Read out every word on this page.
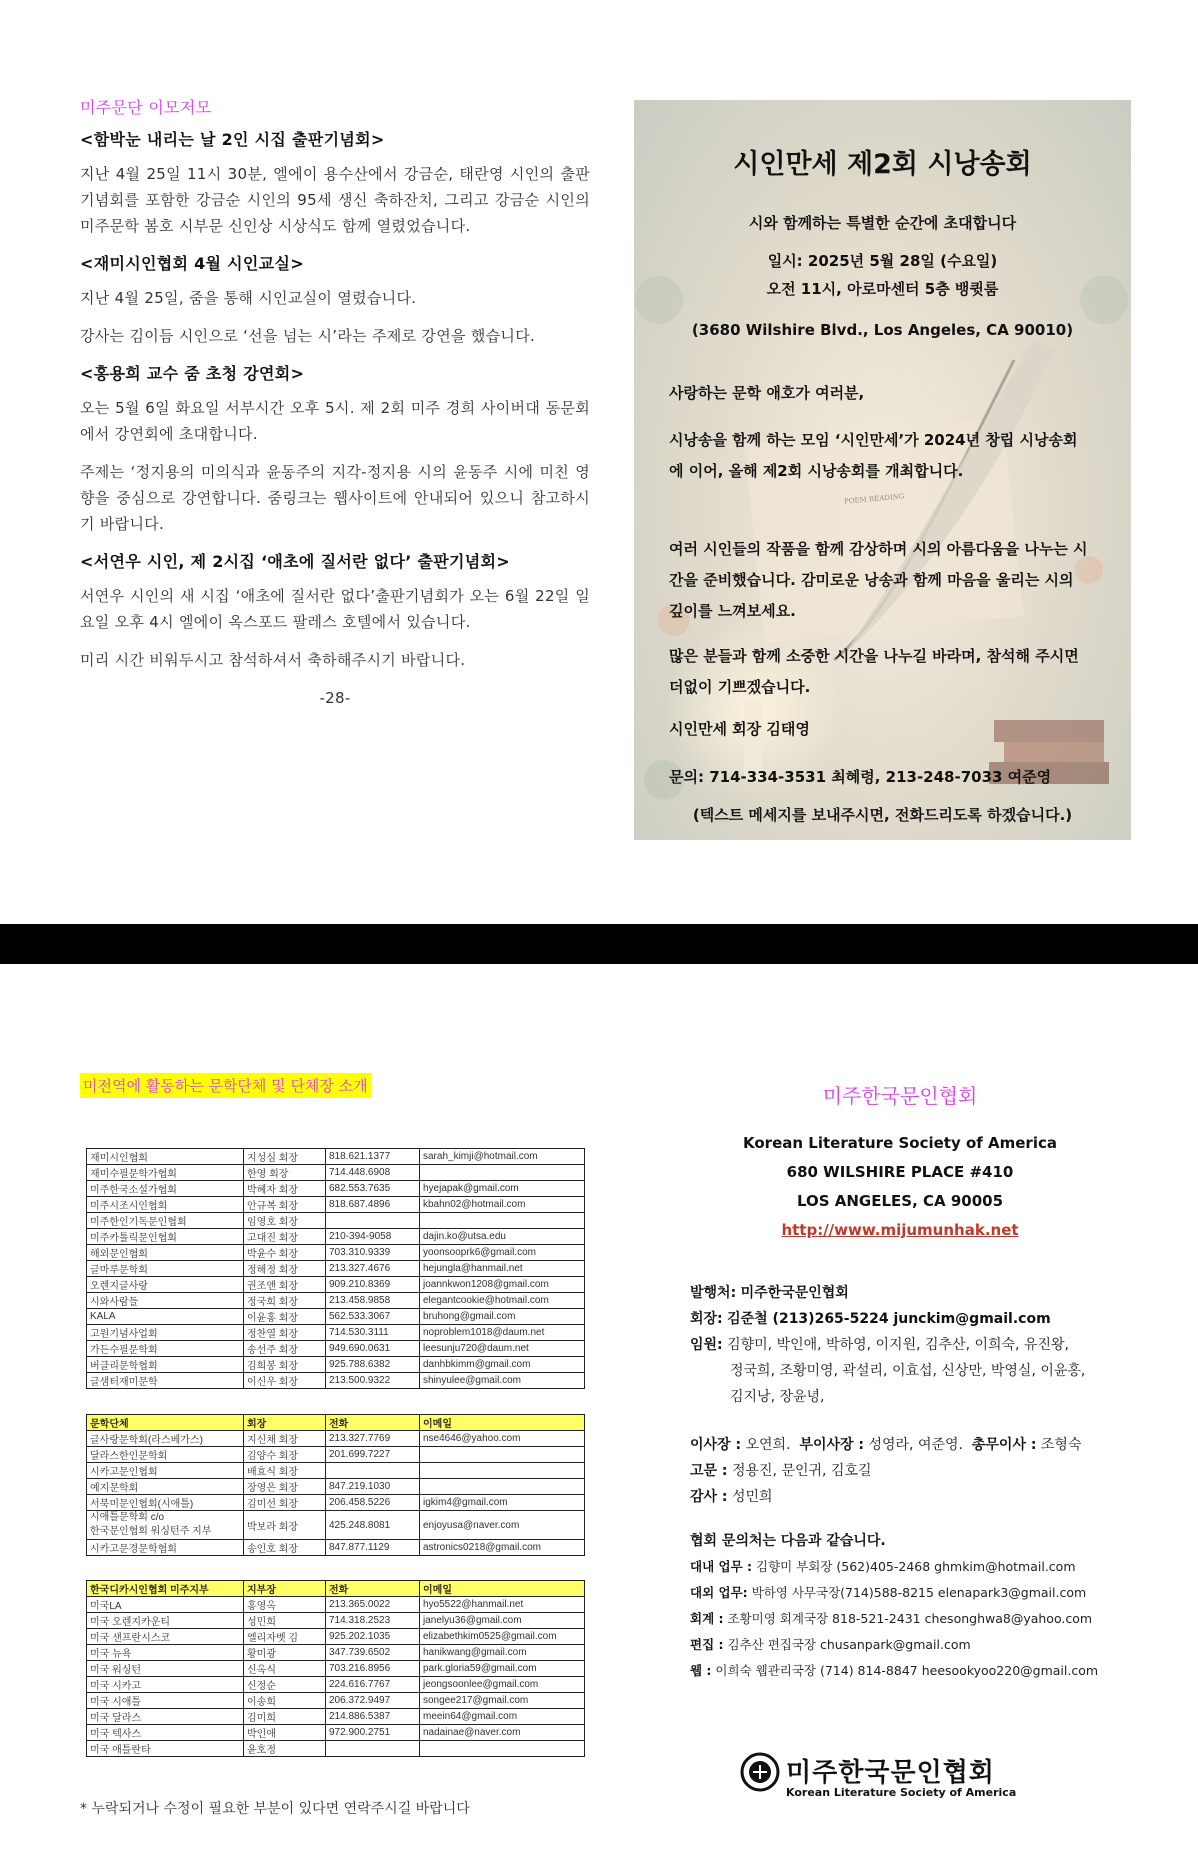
미주문단 이모저모
<함박눈 내리는 날 2인 시집 출판기념회>
지난 4월 25일 11시 30분, 엘에이 용수산에서 강금순, 태란영 시인의 출판기념회를 포함한 강금순 시인의 95세 생신 축하잔치, 그리고 강금순 시인의 미주문학 봄호 시부문 신인상 시상식도 함께 열렸었습니다.
<재미시인협회 4월 시인교실>
지난 4월 25일, 줌을 통해 시인교실이 열렸습니다.
강사는 김이듬 시인으로 ‘선을 넘는 시’라는 주제로 강연을 했습니다.
<홍용희 교수 줌 초청 강연회>
오는 5월 6일 화요일 서부시간 오후 5시. 제 2회 미주 경희 사이버대 동문회에서 강연회에 초대합니다.
주제는 ‘정지용의 미의식과 윤동주의 지각-정지용 시의 윤동주 시에 미친 영향을 중심으로 강연합니다. 줌링크는 웹사이트에 안내되어 있으니 참고하시기 바랍니다.
<서연우 시인, 제 2시집 ‘애초에 질서란 없다’ 출판기념회>
서연우 시인의 새 시집 ‘애초에 질서란 없다’출판기념회가 오는 6월 22일 일요일 오후 4시 엘에이 옥스포드 팔레스 호텔에서 있습니다.
미리 시간 비워두시고 참석하셔서 축하해주시기 바랍니다.
-28-
시인만세 제2회 시낭송회
시와 함께하는 특별한 순간에 초대합니다
일시: 2025년 5월 28일 (수요일)
오전 11시, 아로마센터 5층 뱅큇룸
(3680 Wilshire Blvd., Los Angeles, CA 90010)
사랑하는 문학 애호가 여러분,
시낭송을 함께 하는 모임 ‘시인만세’가 2024년 창립 시낭송회에 이어, 올해 제2회 시낭송회를 개최합니다.
여러 시인들의 작품을 함께 감상하며 시의 아름다움을 나누는 시간을 준비했습니다. 감미로운 낭송과 함께 마음을 울리는 시의 깊이를 느껴보세요.
많은 분들과 함께 소중한 시간을 나누길 바라며, 참석해 주시면 더없이 기쁘겠습니다.
시인만세 회장 김태영
문의: 714-334-3531 최혜령, 213-248-7033 여준영
(텍스트 메세지를 보내주시면, 전화드리도록 하겠습니다.)
POEM READING
미전역에 활동하는 문학단체 및 단체장 소개
재미시인협회	지성심 회장	818.621.1377	sarah_kimji@hotmail.com
재미수필문학가협회	한영 회장	714.448.6908	
미주한국소설가협회	박혜자 회장	682.553.7635	hyejapak@gmail.com
미주시조시인협회	안규복 회장	818.687.4896	kbahn02@hotmail.com
미주한인기독문인협회	임영호 회장		
미주카톨릭문인협회	고대진 회장	210-394-9058	dajin.ko@utsa.edu
해외문인협회	박윤수 회장	703.310.9339	yoonsooprk6@gmail.com
글마루문학회	정해정 회장	213.327.4676	hejungla@hanmail.net
오렌지글사랑	권조앤 회장	909.210.8369	joannkwon1208@gmail.com
시와사람들	정국희 회장	213.458.9858	elegantcookie@hotmail.com
KALA	이윤홍 회장	562.533.3067	bruhong@gmail.com
고원기념사업회	정찬열 회장	714.530.3111	noproblem1018@daum.net
가든수필문학회	송선주 회장	949.690.0631	leesunju720@daum.net
버클리문학협회	김희봉 회장	925.788.6382	danhbkimm@gmail.com
글샘터재미문학	이신우 회장	213.500.9322	shinyulee@gmail.com
문학단체	회장	전화	이메일
글사랑문학회(라스베가스)	지신채 회장	213.327.7769	nse4646@yahoo.com
달라스한인문학회	김양수 회장	201.699.7227	
시카고문인협회	배효식 회장		
예지문학회	장영은 회장	847.219.1030	
서북미문인협회(시애틀)	김미선 회장	206.458.5226	igkim4@gmail.com
시애틀문학회 c/o
한국문인협회 워싱턴주 지부	박보라 회장	425.248.8081	enjoyusa@naver.com
시카고문경문학협회	송인호 회장	847.877.1129	astronics0218@gmail.com
한국디카시인협회 미주지부	지부장	전화	이메일
미국LA	홍영옥	213.365.0022	hyo5522@hanmail.net
미국 오렌지카운티	성민희	714.318.2523	janelyu36@gmail.com
미국 샌프란시스코	엘리자벳 김	925.202.1035	elizabethkim0525@gmail.com
미국 뉴욕	황미광	347.739.6502	hanikwang@gmail.com
미국 워싱턴	신옥식	703.216.8956	park.gloria59@gmail.com
미국 시카고	신정순	224.616.7767	jeongsoonlee@gmail.com
미국 시애틀	이송희	206.372.9497	songee217@gmail.com
미국 달라스	김미희	214.886.5387	meein64@gmail.com
미국 텍사스	박인애	972.900.2751	nadainae@naver.com
미국 애틀란타	윤호정		
* 누락되거나 수정이 필요한 부분이 있다면 연락주시길 바랍니다
미주한국문인협회
Korean Literature Society of America
680 WILSHIRE PLACE #410
LOS ANGELES, CA 90005
http://www.mijumunhak.net
발행처: 미주한국문인협회
회장: 김준철 (213)265-5224 junckim@gmail.com
임원: 김향미, 박인애, 박하영, 이지원, 김추산, 이희숙, 유진왕,
정국희, 조황미영, 곽설리, 이효섭, 신상만, 박영실, 이윤홍,
김지낭, 장윤녕,
이사장 : 오연희. 부이사장 : 성영라, 여준영. 총무이사 : 조형숙
고문 : 정용진, 문인귀, 김호길
감사 : 성민희
협회 문의처는 다음과 같습니다.
대내 업무 : 김향미 부회장 (562)405-2468 ghmkim@hotmail.com
대외 업무: 박하영 사무국장(714)588-8215 elenapark3@gmail.com
회계 : 조황미영 회계국장 818-521-2431 chesonghwa8@yahoo.com
편집 : 김추산 편집국장 chusanpark@gmail.com
웹 : 이희숙 웹관리국장 (714) 814-8847 heesookyoo220@gmail.com
미주한국문인협회
Korean Literature Society of America
